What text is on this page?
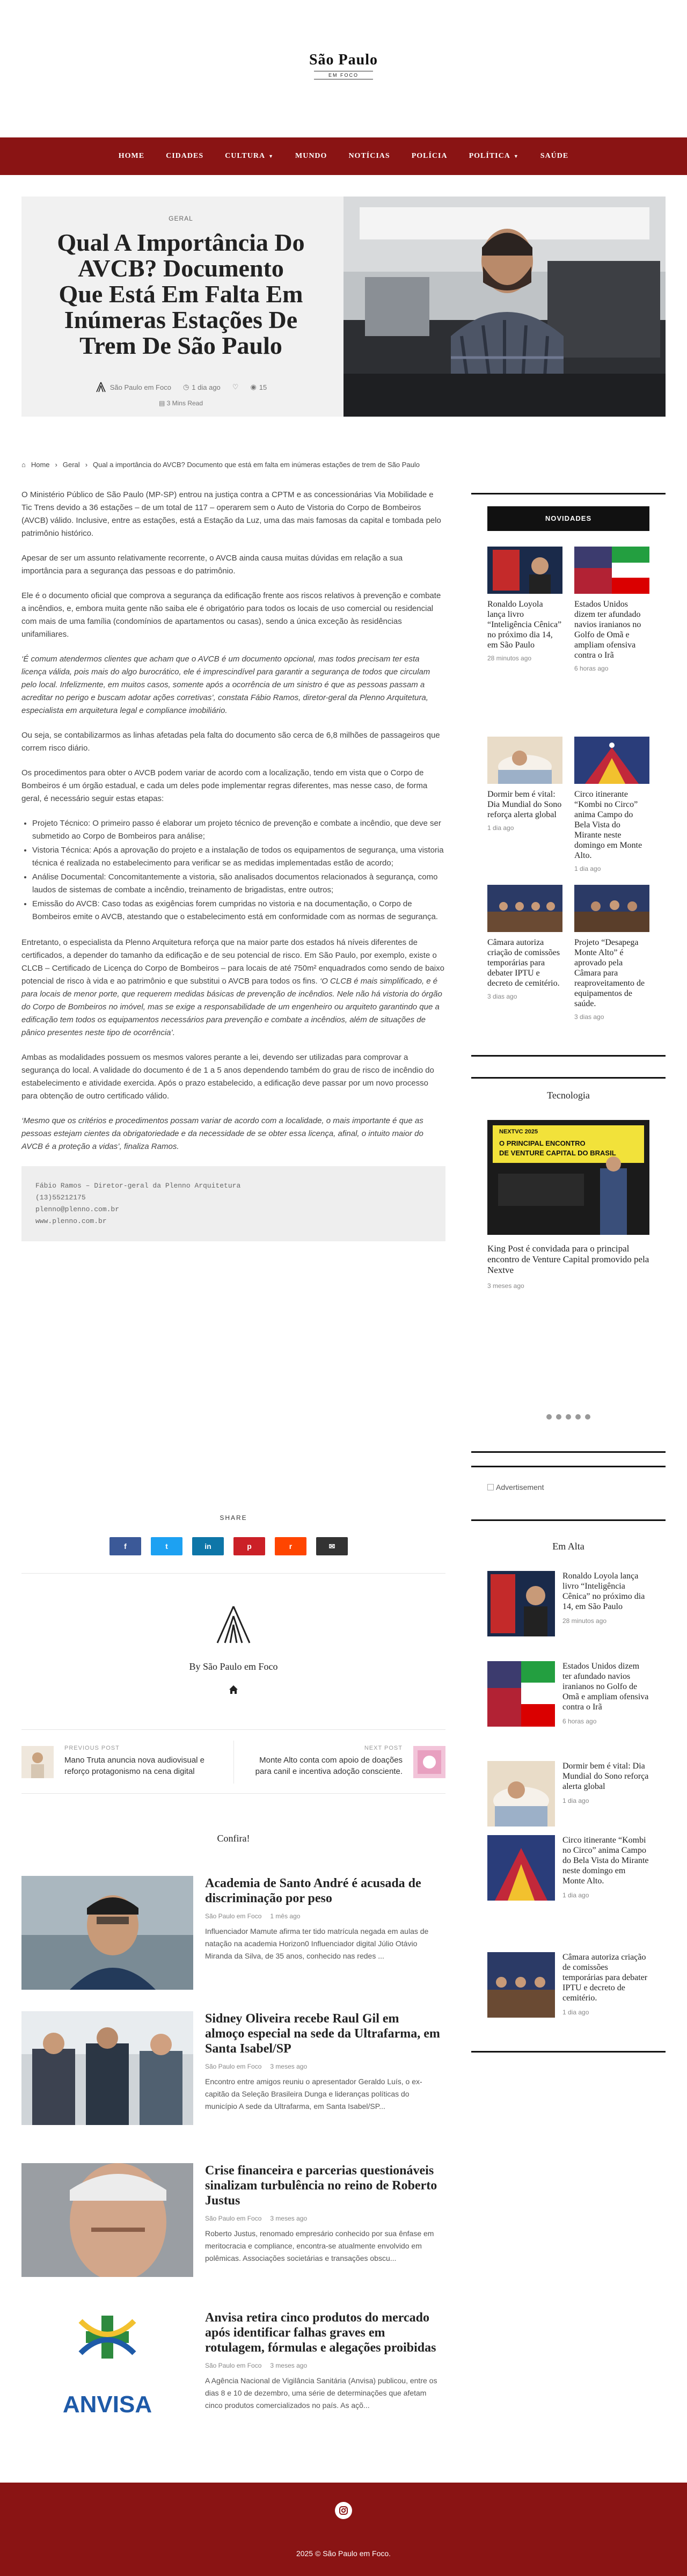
São Paulo
EM FOCO
HOME	CIDADES	CULTURA ▼	MUNDO	NOTÍCIAS	POLÍCIA	POLÍTICA ▼	SAÚDE
GERAL
Qual A Importância Do AVCB? Documento Que Está Em Falta Em Inúmeras Estações De Trem De São Paulo
São Paulo em Foco ◷ 1 dia ago ♡ ◉ 15
▤ 3 Mins Read
⌂ Home › Geral › Qual a importância do AVCB? Documento que está em falta em inúmeras estações de trem de São Paulo

O Ministério Público de São Paulo (MP-SP) entrou na justiça contra a CPTM e as concessionárias Via Mobilidade e Tic Trens devido a 36 estações – de um total de 117 – operarem sem o Auto de Vistoria do Corpo de Bombeiros (AVCB) válido. Inclusive, entre as estações, está a Estação da Luz, uma das mais famosas da capital e tombada pelo patrimônio histórico.

Apesar de ser um assunto relativamente recorrente, o AVCB ainda causa muitas dúvidas em relação a sua importância para a segurança das pessoas e do patrimônio.

Ele é o documento oficial que comprova a segurança da edificação frente aos riscos relativos à prevenção e combate a incêndios, e, embora muita gente não saiba ele é obrigatório para todos os locais de uso comercial ou residencial com mais de uma família (condomínios de apartamentos ou casas), sendo a única exceção às residências unifamiliares.

‘É comum atendermos clientes que acham que o AVCB é um documento opcional, mas todos precisam ter esta licença válida, pois mais do algo burocrático, ele é imprescindível para garantir a segurança de todos que circulam pelo local. Infelizmente, em muitos casos, somente após a ocorrência de um sinistro é que as pessoas passam a acreditar no perigo e buscam adotar ações corretivas’, constata Fábio Ramos, diretor-geral da Plenno Arquitetura, especialista em arquitetura legal e compliance imobiliário.

Ou seja, se contabilizarmos as linhas afetadas pela falta do documento são cerca de 6,8 milhões de passageiros que correm risco diário.

Os procedimentos para obter o AVCB podem variar de acordo com a localização, tendo em vista que o Corpo de Bombeiros é um órgão estadual, e cada um deles pode implementar regras diferentes, mas nesse caso, de forma geral, é necessário seguir estas etapas:

• Projeto Técnico: O primeiro passo é elaborar um projeto técnico de prevenção e combate a incêndio, que deve ser submetido ao Corpo de Bombeiros para análise;
• Vistoria Técnica: Após a aprovação do projeto e a instalação de todos os equipamentos de segurança, uma vistoria técnica é realizada no estabelecimento para verificar se as medidas implementadas estão de acordo;
• Análise Documental: Concomitantemente a vistoria, são analisados documentos relacionados à segurança, como laudos de sistemas de combate a incêndio, treinamento de brigadistas, entre outros;
• Emissão do AVCB: Caso todas as exigências forem cumpridas no vistoria e na documentação, o Corpo de Bombeiros emite o AVCB, atestando que o estabelecimento está em conformidade com as normas de segurança.

Entretanto, o especialista da Plenno Arquitetura reforça que na maior parte dos estados há níveis diferentes de certificados, a depender do tamanho da edificação e de seu potencial de risco. Em São Paulo, por exemplo, existe o CLCB – Certificado de Licença do Corpo de Bombeiros – para locais de até 750m² enquadrados como sendo de baixo potencial de risco à vida e ao patrimônio e que substitui o AVCB para todos os fins. ‘O CLCB é mais simplificado, e é para locais de menor porte, que requerem medidas básicas de prevenção de incêndios. Nele não há vistoria do órgão do Corpo de Bombeiros no imóvel, mas se exige a responsabilidade de um engenheiro ou arquiteto garantindo que a edificação tem todos os equipamentos necessários para prevenção e combate a incêndios, além de situações de pânico presentes neste tipo de ocorrência’.

Ambas as modalidades possuem os mesmos valores perante a lei, devendo ser utilizadas para comprovar a segurança do local. A validade do documento é de 1 a 5 anos dependendo também do grau de risco de incêndio do estabelecimento e atividade exercida. Após o prazo estabelecido, a edificação deve passar por um novo processo para obtenção de outro certificado válido.

‘Mesmo que os critérios e procedimentos possam variar de acordo com a localidade, o mais importante é que as pessoas estejam cientes da obrigatoriedade e da necessidade de se obter essa licença, afinal, o intuito maior do AVCB é a proteção a vidas’, finaliza Ramos.

Fábio Ramos – Diretor-geral da Plenno Arquitetura
(13)55212175
plenno@plenno.com.br
www.plenno.com.br
SHARE
f	t	in	p	r	✉
By São Paulo em Foco
PREVIOUS POST
Mano Truta anuncia nova audiovisual e reforço protagonismo na cena digital
NEXT POST
Monte Alto conta com apoio de doações para canil e incentiva adoção consciente.
Confira!
Academia de Santo André é acusada de discriminação por peso
São Paulo em Foco 1 mês ago
Influenciador Mamute afirma ter tido matrícula negada em aulas de natação na academia Horizon0 Influenciador digital Júlio Otávio Miranda da Silva, de 35 anos, conhecido nas redes ...
Sidney Oliveira recebe Raul Gil em almoço especial na sede da Ultrafarma, em Santa Isabel/SP
São Paulo em Foco 3 meses ago
Encontro entre amigos reuniu o apresentador Geraldo Luís, o ex-capitão da Seleção Brasileira Dunga e lideranças políticas do município A sede da Ultrafarma, em Santa Isabel/SP...
Crise financeira e parcerias questionáveis sinalizam turbulência no reino de Roberto Justus
São Paulo em Foco 3 meses ago
Roberto Justus, renomado empresário conhecido por sua ênfase em meritocracia e compliance, encontra-se atualmente envolvido em polêmicas. Associações societárias e transações obscu...
ANVISA
Anvisa retira cinco produtos do mercado após identificar falhas graves em rotulagem, fórmulas e alegações proibidas
São Paulo em Foco 3 meses ago
A Agência Nacional de Vigilância Sanitária (Anvisa) publicou, entre os dias 8 e 10 de dezembro, uma série de determinações que afetam cinco produtos comercializados no país. As açõ...
NOVIDADES
Ronaldo Loyola lança livro “Inteligência Cênica” no próximo dia 14, em São Paulo
28 minutos ago
Estados Unidos dizem ter afundado navios iranianos no Golfo de Omã e ampliam ofensiva contra o Irã
6 horas ago
Dormir bem é vital: Dia Mundial do Sono reforça alerta global
1 dia ago
Circo itinerante “Kombi no Circo” anima Campo do Bela Vista do Mirante neste domingo em Monte Alto.
1 dia ago
Câmara autoriza criação de comissões temporárias para debater IPTU e decreto de cemitério.
3 dias ago
Projeto “Desapega Monte Alto” é aprovado pela Câmara para reaproveitamento de equipamentos de saúde.
3 dias ago
Tecnologia
NEXTVC 2025
O PRINCIPAL ENCONTRO
DE VENTURE CAPITAL DO BRASIL
King Post é convidada para o principal encontro de Venture Capital promovido pela Nextve
3 meses ago
Advertisement
Em Alta
Ronaldo Loyola lança livro “Inteligência Cênica” no próximo dia 14, em São Paulo
28 minutos ago
Estados Unidos dizem ter afundado navios iranianos no Golfo de Omã e ampliam ofensiva contra o Irã
6 horas ago
Dormir bem é vital: Dia Mundial do Sono reforça alerta global
1 dia ago
Circo itinerante “Kombi no Circo” anima Campo do Bela Vista do Mirante neste domingo em Monte Alto.
1 dia ago
Câmara autoriza criação de comissões temporárias para debater IPTU e decreto de cemitério.
1 dia ago
2025 © São Paulo em Foco.
